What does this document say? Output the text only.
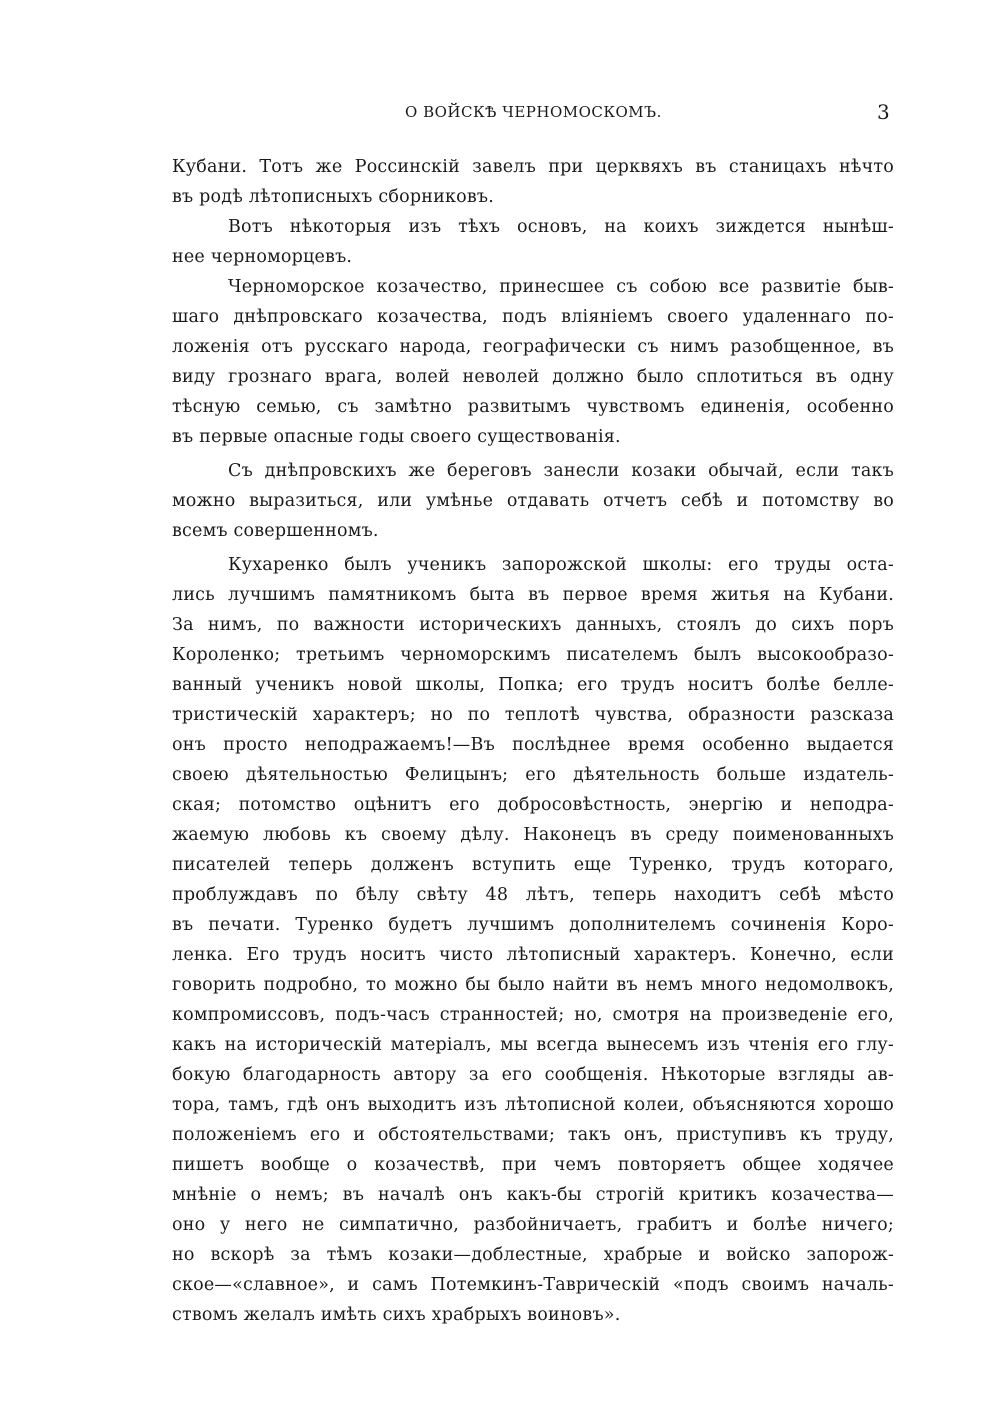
О ВОЙСКѢ ЧЕРНОМОСКОМЪ.	3
Кубани. Тотъ же Россинскій завелъ при церквяхъ въ станицахъ нѣчто
въ родѣ лѣтописныхъ сборниковъ.
Вотъ нѣкоторыя изъ тѣхъ основъ, на коихъ зиждется нынѣш-
нее черноморцевъ.
Черноморское козачество, принесшее съ собою все развитіе быв-
шаго днѣпровскаго козачества, подъ вліяніемъ своего удаленнаго по-
ложенія отъ русскаго народа, географически съ нимъ разобщенное, въ
виду грознаго врага, волей неволей должно было сплотиться въ одну
тѣсную семью, съ замѣтно развитымъ чувствомъ единенія, особенно
въ первые опасные годы своего существованія.
Съ днѣпровскихъ же береговъ занесли козаки обычай, если такъ
можно выразиться, или умѣнье отдавать отчетъ себѣ и потомству во
всемъ совершенномъ.
Кухаренко былъ ученикъ запорожской школы: его труды оста-
лись лучшимъ памятникомъ быта въ первое время житья на Кубани.
За нимъ, по важности историческихъ данныхъ, стоялъ до сихъ поръ
Короленко; третьимъ черноморскимъ писателемъ былъ высокообразо-
ванный ученикъ новой школы, Попка; его трудъ носитъ болѣе белле-
тристическій характеръ; но по теплотѣ чувства, образности разсказа
онъ просто неподражаемъ!—Въ послѣднее время особенно выдается
своею дѣятельностью Фелицынъ; его дѣятельность больше издатель-
ская; потомство оцѣнитъ его добросовѣстность, энергію и неподра-
жаемую любовь къ своему дѣлу. Наконецъ въ среду поименованныхъ
писателей теперь долженъ вступить еще Туренко, трудъ котораго,
проблуждавъ по бѣлу свѣту 48 лѣтъ, теперь находитъ себѣ мѣсто
въ печати. Туренко будетъ лучшимъ дополнителемъ сочиненія Коро-
ленка. Его трудъ носитъ чисто лѣтописный характеръ. Конечно, если
говорить подробно, то можно бы было найти въ немъ много недомолвокъ,
компромиссовъ, подъ-часъ странностей; но, смотря на произведеніе его,
какъ на историческій матеріалъ, мы всегда вынесемъ изъ чтенія его глу-
бокую благодарность автору за его сообщенія. Нѣкоторые взгляды ав-
тора, тамъ, гдѣ онъ выходитъ изъ лѣтописной колеи, объясняются хорошо
положеніемъ его и обстоятельствами; такъ онъ, приступивъ къ труду,
пишетъ вообще о козачествѣ, при чемъ повторяетъ общее ходячее
мнѣніе о немъ; въ началѣ онъ какъ-бы строгій критикъ козачества—
оно у него не симпатично, разбойничаетъ, грабитъ и болѣе ничего;
но вскорѣ за тѣмъ козаки—доблестные, храбрые и войско запорож-
ское—«славное», и самъ Потемкинъ-Таврическій «подъ своимъ началь-
ствомъ желалъ имѣть сихъ храбрыхъ воиновъ».
